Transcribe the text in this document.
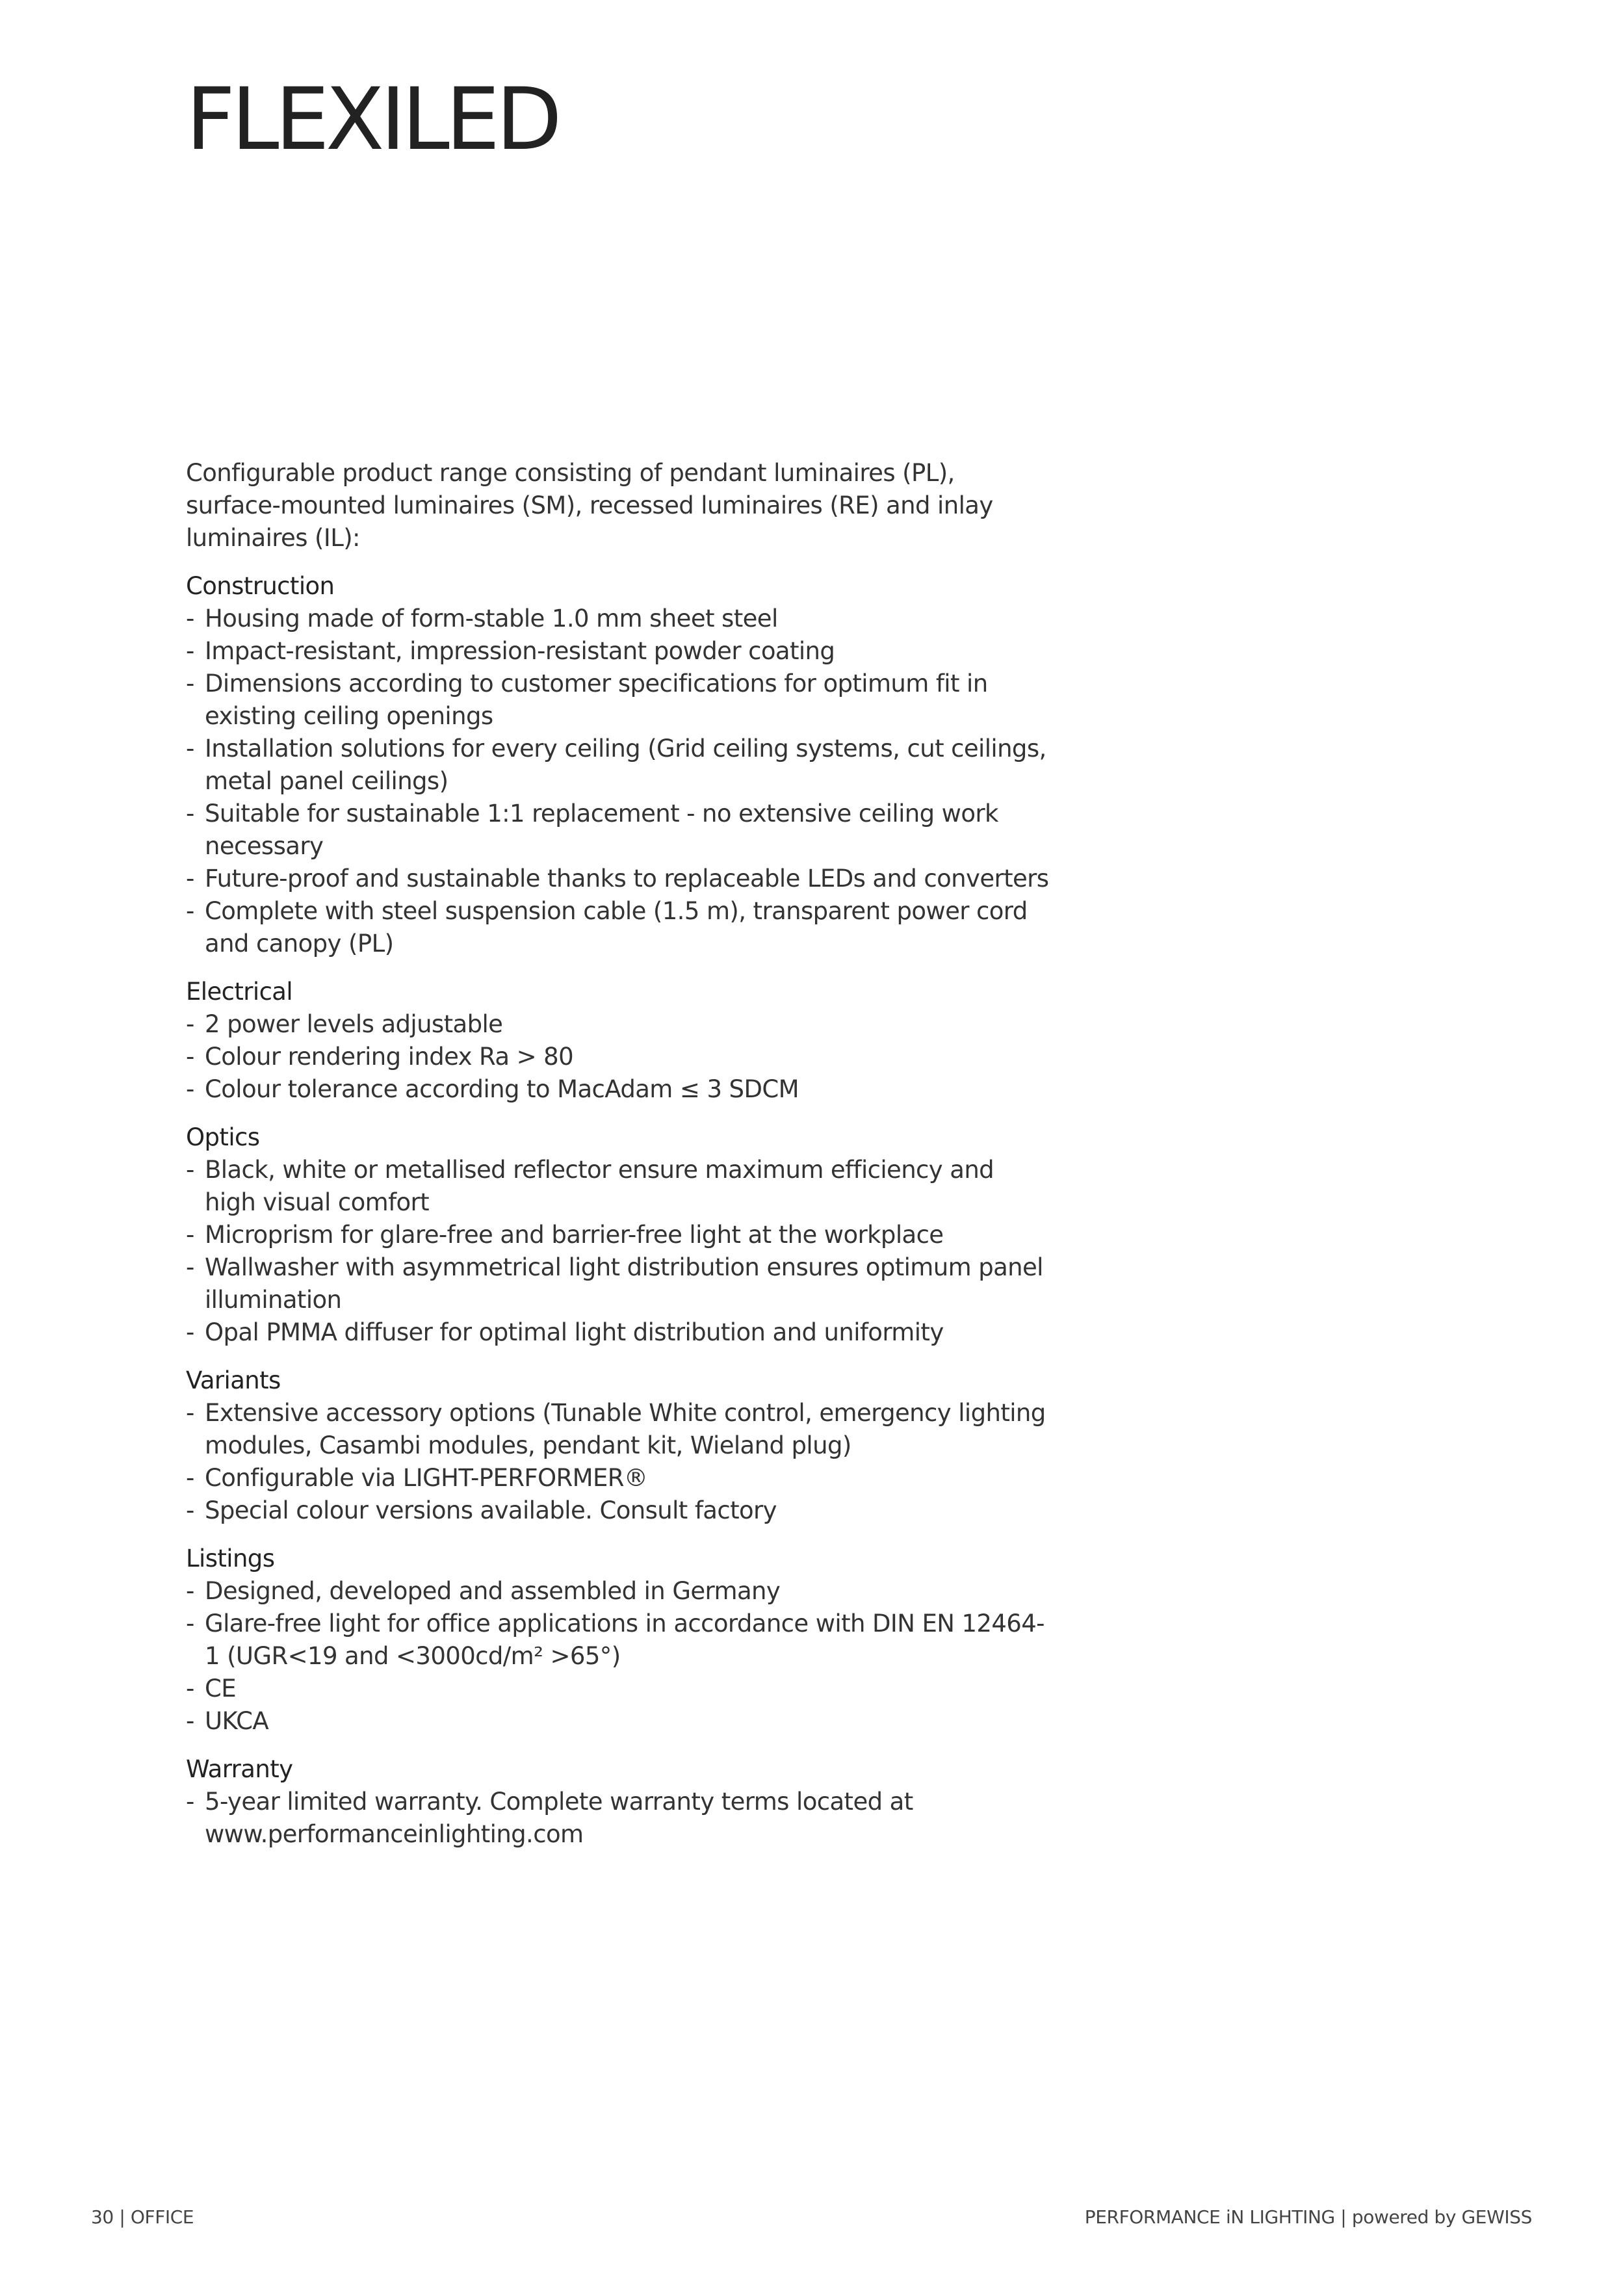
FLEXILED

Configurable product range consisting of pendant luminaires (PL), surface-mounted luminaires (SM), recessed luminaires (RE) and inlay luminaires (IL):

Construction
- Housing made of form-stable 1.0 mm sheet steel
- Impact-resistant, impression-resistant powder coating
- Dimensions according to customer specifications for optimum fit in existing ceiling openings
- Installation solutions for every ceiling (Grid ceiling systems, cut ceilings, metal panel ceilings)
- Suitable for sustainable 1:1 replacement - no extensive ceiling work necessary
- Future-proof and sustainable thanks to replaceable LEDs and converters
- Complete with steel suspension cable (1.5 m), transparent power cord and canopy (PL)
Electrical
- 2 power levels adjustable
- Colour rendering index Ra > 80
- Colour tolerance according to MacAdam ≤ 3 SDCM
Optics
- Black, white or metallised reflector ensure maximum efficiency and high visual comfort
- Microprism for glare-free and barrier-free light at the workplace
- Wallwasher with asymmetrical light distribution ensures optimum panel illumination
- Opal PMMA diffuser for optimal light distribution and uniformity
Variants
- Extensive accessory options (Tunable White control, emergency lighting modules, Casambi modules, pendant kit, Wieland plug)
- Configurable via LIGHT-PERFORMER®
- Special colour versions available. Consult factory
Listings
- Designed, developed and assembled in Germany
- Glare-free light for office applications in accordance with DIN EN 12464-1 (UGR<19 and <3000cd/m² >65°)
- CE
- UKCA
Warranty
- 5-year limited warranty. Complete warranty terms located at www.performanceinlighting.com
30 | OFFICE	PERFORMANCE iN LIGHTING | powered by GEWISS
